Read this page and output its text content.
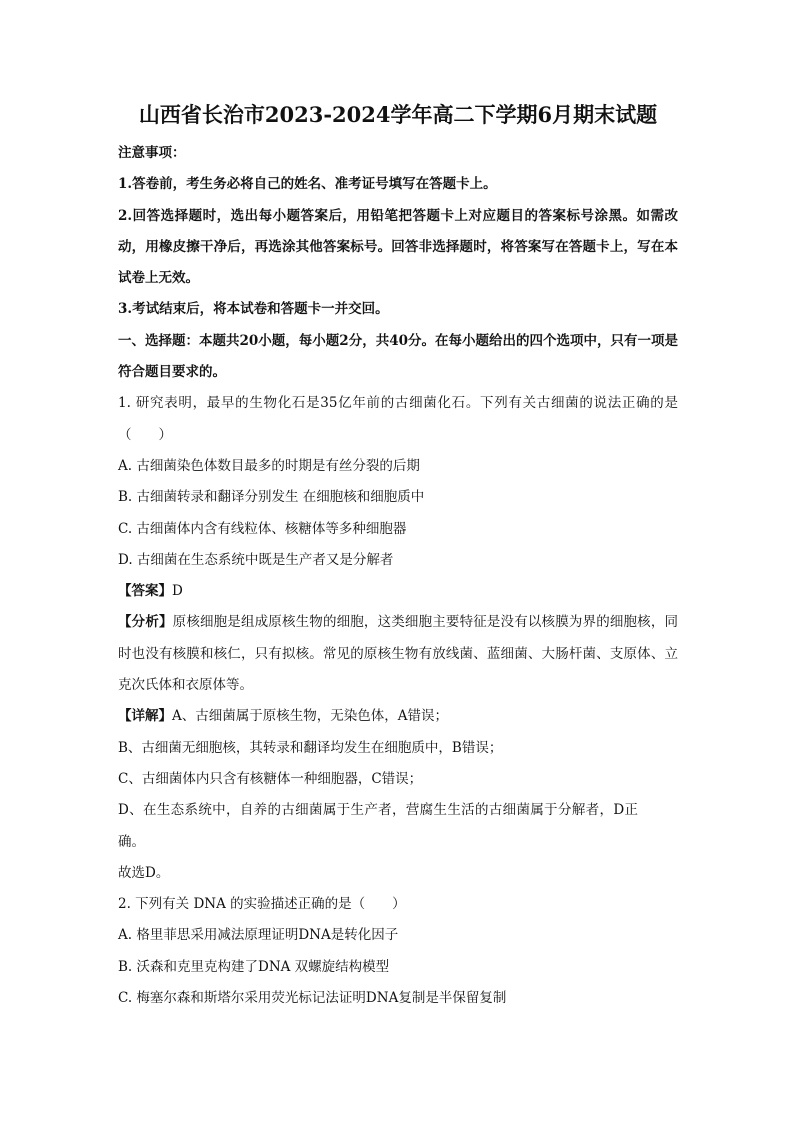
山西省长治市2023-2024学年高二下学期6月期末试题
注意事项：
1.答卷前，考生务必将自己的姓名、准考证号填写在答题卡上。
2.回答选择题时，选出每小题答案后，用铅笔把答题卡上对应题目的答案标号涂黑。如需改动，用橡皮擦干净后，再选涂其他答案标号。回答非选择题时，将答案写在答题卡上，写在本试卷上无效。
3.考试结束后，将本试卷和答题卡一并交回。
一、选择题：本题共20小题，每小题2分，共40分。在每小题给出的四个选项中，只有一项是符合题目要求的。
1. 研究表明，最早的生物化石是35亿年前的古细菌化石。下列有关古细菌的说法正确的是（　　）
A. 古细菌染色体数目最多的时期是有丝分裂的后期
B. 古细菌转录和翻译分别发生 在细胞核和细胞质中
C. 古细菌体内含有线粒体、核糖体等多种细胞器
D. 古细菌在生态系统中既是生产者又是分解者
【答案】D
【分析】原核细胞是组成原核生物的细胞，这类细胞主要特征是没有以核膜为界的细胞核，同时也没有核膜和核仁，只有拟核。常见的原核生物有放线菌、蓝细菌、大肠杆菌、支原体、立克次氏体和衣原体等。
【详解】A、古细菌属于原核生物，无染色体，A错误；
B、古细菌无细胞核，其转录和翻译均发生在细胞质中，B错误；
C、古细菌体内只含有核糖体一种细胞器，C错误；
D、在生态系统中，自养的古细菌属于生产者，营腐生生活的古细菌属于分解者，D正确。
故选D。
2. 下列有关 DNA 的实验描述正确的是（　　）
A. 格里菲思采用减法原理证明DNA是转化因子
B. 沃森和克里克构建了DNA 双螺旋结构模型
C. 梅塞尔森和斯塔尔采用荧光标记法证明DNA复制是半保留复制
